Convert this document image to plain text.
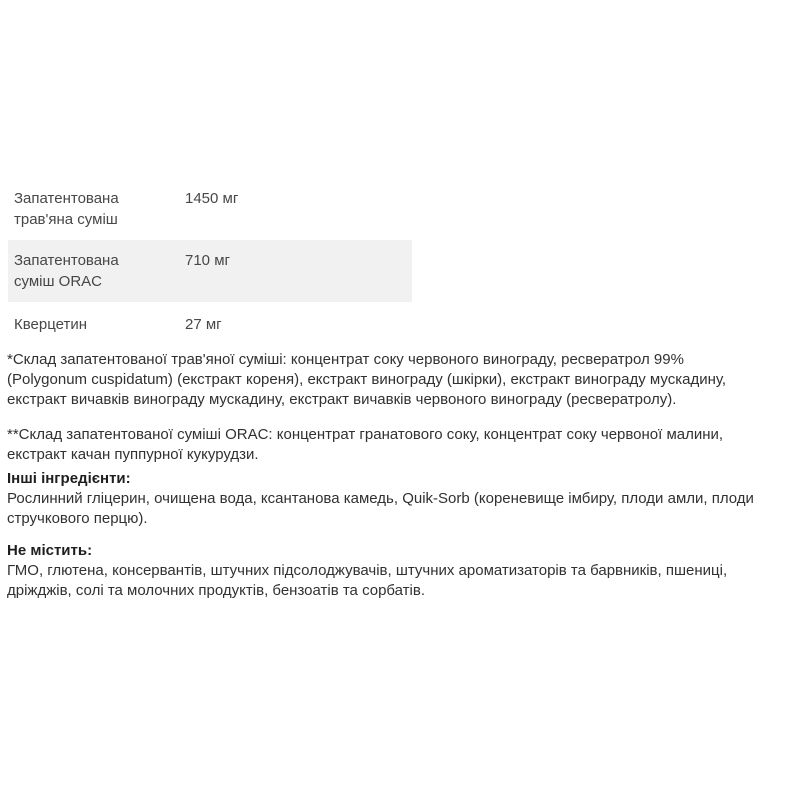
Запатентована трав'яна суміш
1450 мг
Запатентована суміш ORAC
710 мг
Кверцетин	27 мг

*Склад запатентованої трав'яної суміші: концентрат соку червоного винограду, ресвератрол 99% (Polygonum cuspidatum) (екстракт кореня), екстракт винограду (шкірки), екстракт винограду мускадину, екстракт вичавків винограду мускадину, екстракт вичавків червоного винограду (ресвератролу).

**Склад запатентованої суміші ORAC: концентрат гранатового соку, концентрат соку червоної малини, екстракт качан пуппурної кукурудзи.

Інші інгредієнти:

Рослинний гліцерин, очищена вода, ксантанова камедь, Quik-Sorb (кореневище імбиру, плоди амли, плоди стручкового перцю).

Не містить:

ГМО, глютена, консервантів, штучних підсолоджувачів, штучних ароматизаторів та барвників, пшениці, дріжджів, солі та молочних продуктів, бензоатів та сорбатів.
